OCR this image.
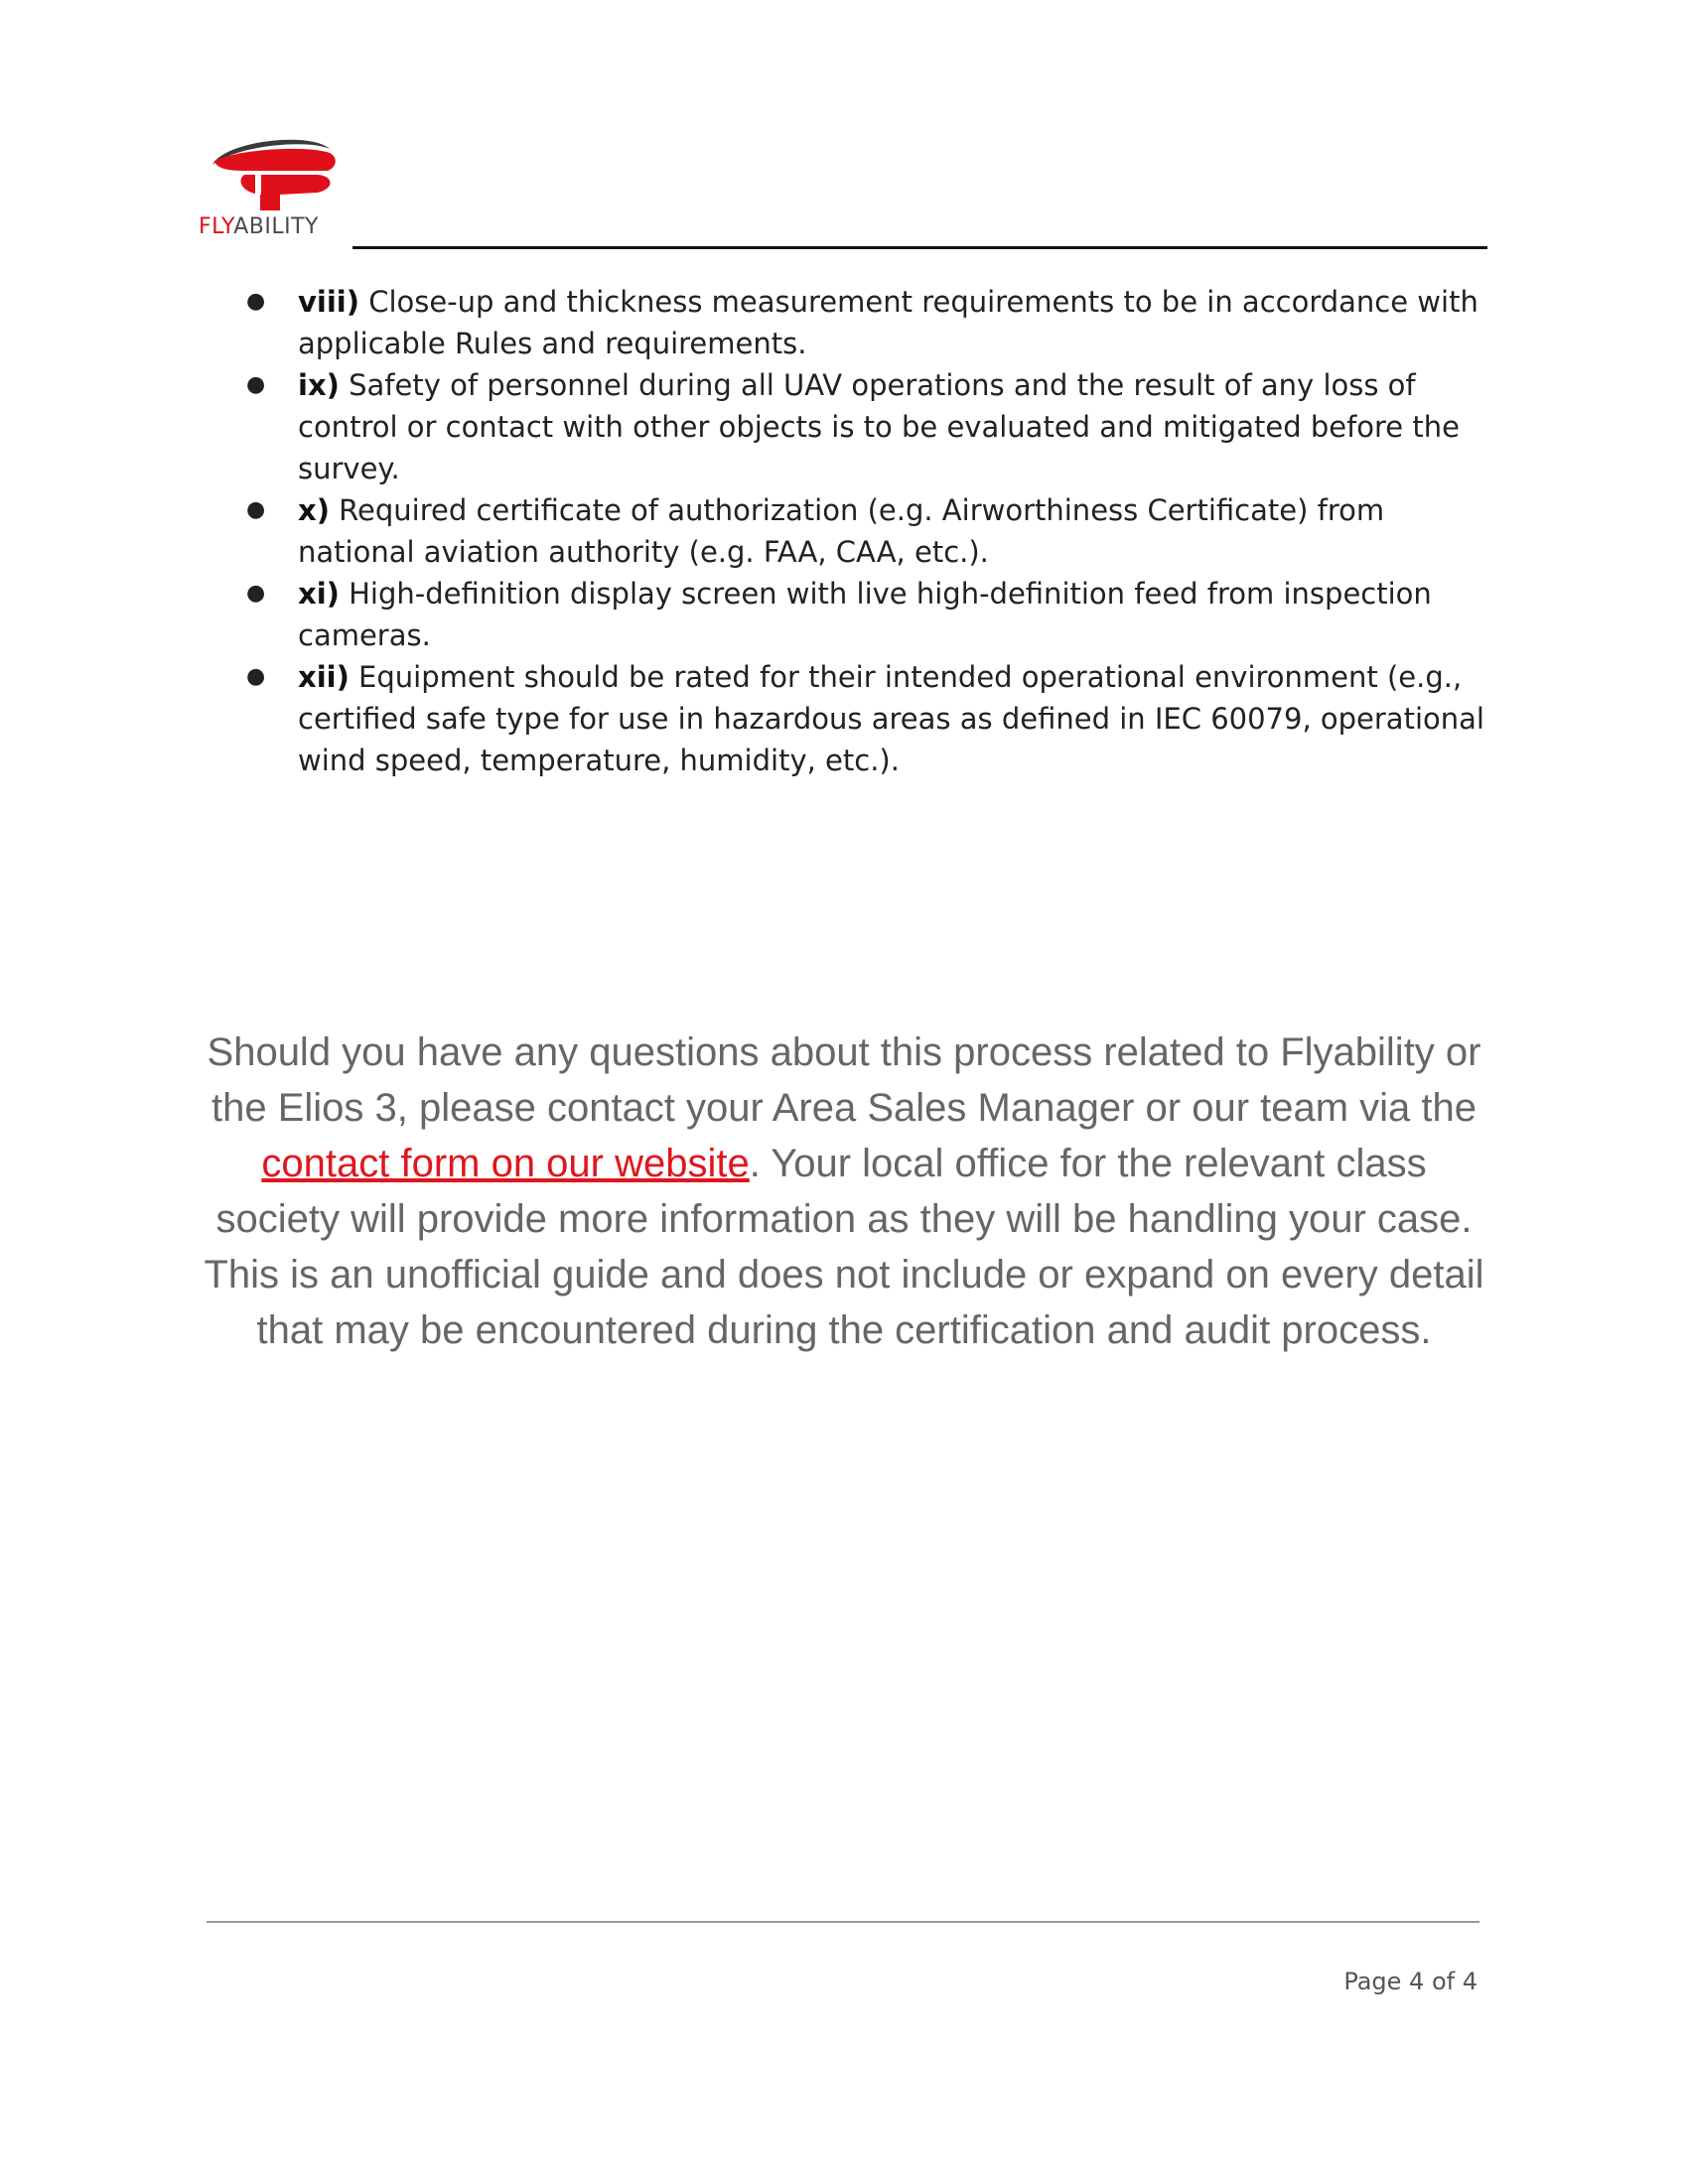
FLYABILITY
●	viii) Close-up and thickness measurement requirements to be in accordance with applicable Rules and requirements.
●	ix) Safety of personnel during all UAV operations and the result of any loss of control or contact with other objects is to be evaluated and mitigated before the survey.
●	x) Required certificate of authorization (e.g. Airworthiness Certificate) from national aviation authority (e.g. FAA, CAA, etc.).
●	xi) High-definition display screen with live high-definition feed from inspection cameras.
●	xii) Equipment should be rated for their intended operational environment (e.g., certified safe type for use in hazardous areas as defined in IEC 60079, operational wind speed, temperature, humidity, etc.).

Should you have any questions about this process related to Flyability or the Elios 3, please contact your Area Sales Manager or our team via the contact form on our website. Your local office for the relevant class society will provide more information as they will be handling your case. This is an unofficial guide and does not include or expand on every detail that may be encountered during the certification and audit process.

Page 4 of 4
